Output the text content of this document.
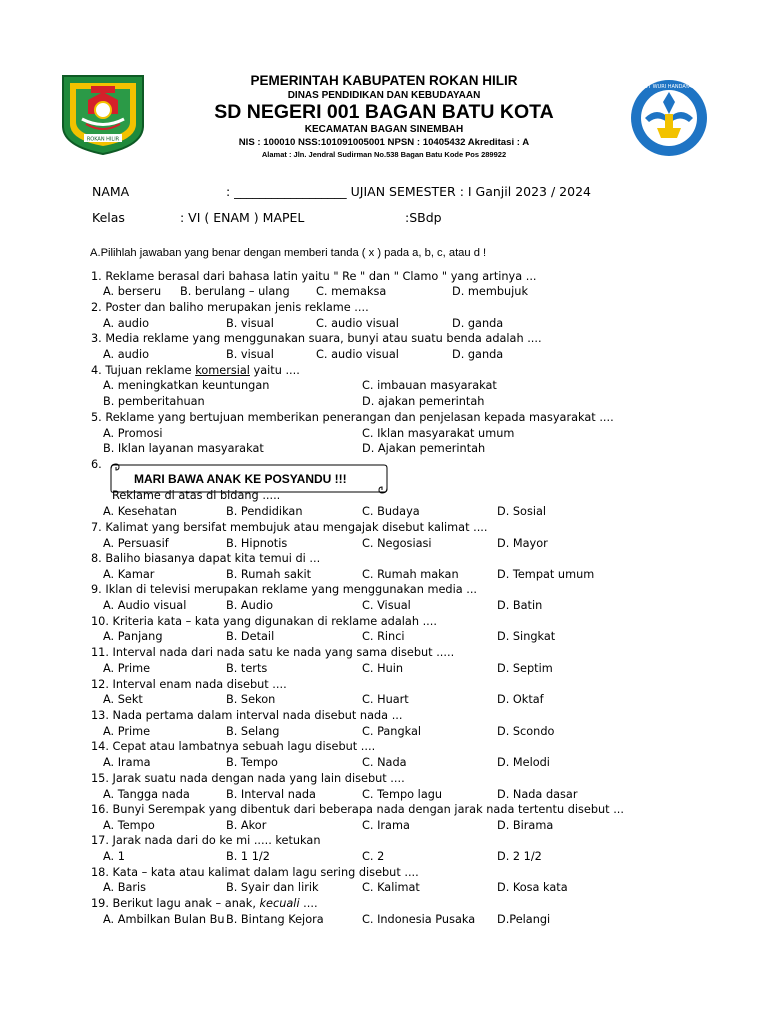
ROKAN HILIR
TUT WURI HANDAYANI
PEMERINTAH KABUPATEN ROKAN HILIR
DINAS PENDIDIKAN DAN KEBUDAYAAN
SD NEGERI 001 BAGAN BATU KOTA
KECAMATAN BAGAN SINEMBAH
NIS : 100010 NSS:101091005001 NPSN : 10405432 Akreditasi : A
Alamat : Jln. Jendral Sudirman No.538 Bagan Batu Kode Pos 289922
NAMA	: __________________ UJIAN SEMESTER : I Ganjil 2023 / 2024
Kelas	: VI ( ENAM ) MAPEL	:SBdp
A.Pilihlah jawaban yang benar dengan memberi tanda ( x ) pada a, b, c, atau d !
1. Reklame berasal dari bahasa latin yaitu " Re " dan " Clamo " yang artinya ...
A. berseru B. berulang – ulang C. memaksa	D. membujuk
2. Poster dan baliho merupakan jenis reklame ....
A. audio	B. visual	C. audio visual	D. ganda
3. Media reklame yang menggunakan suara, bunyi atau suatu benda adalah ....
A. audio	B. visual	C. audio visual	D. ganda
4. Tujuan reklame komersial yaitu ....
A. meningkatkan keuntungan	C. imbauan masyarakat
B. pemberitahuan	D. ajakan pemerintah
5. Reklame yang bertujuan memberikan penerangan dan penjelasan kepada masyarakat ....
A. Promosi	C. Iklan masyarakat umum
B. Iklan layanan masyarakat	D. Ajakan pemerintah
6.
MARI BAWA ANAK KE POSYANDU !!!
Reklame di atas di bidang .....
A. Kesehatan	B. Pendidikan	C. Budaya	D. Sosial
7. Kalimat yang bersifat membujuk atau mengajak disebut kalimat ....
A. Persuasif	B. Hipnotis	C. Negosiasi	D. Mayor
8. Baliho biasanya dapat kita temui di ...
A. Kamar	B. Rumah sakit	C. Rumah makan	D. Tempat umum
9. Iklan di televisi merupakan reklame yang menggunakan media ...
A. Audio visual	B. Audio	C. Visual	D. Batin
10. Kriteria kata – kata yang digunakan di reklame adalah ....
A. Panjang	B. Detail	C. Rinci	D. Singkat
11. Interval nada dari nada satu ke nada yang sama disebut .....
A. Prime	B. terts	C. Huin	D. Septim
12. Interval enam nada disebut ....
A. Sekt	B. Sekon	C. Huart	D. Oktaf
13. Nada pertama dalam interval nada disebut nada ...
A. Prime	B. Selang	C. Pangkal	D. Scondo
14. Cepat atau lambatnya sebuah lagu disebut ....
A. Irama	B. Tempo	C. Nada	D. Melodi
15. Jarak suatu nada dengan nada yang lain disebut ....
A. Tangga nada	B. Interval nada	C. Tempo lagu	D. Nada dasar
16. Bunyi Serempak yang dibentuk dari beberapa nada dengan jarak nada tertentu disebut ...
A. Tempo	B. Akor	C. Irama	D. Birama
17. Jarak nada dari do ke mi ..... ketukan
A. 1	B. 1 1/2	C. 2	D. 2 1/2
18. Kata – kata atau kalimat dalam lagu sering disebut ....
A. Baris	B. Syair dan lirik	C. Kalimat	D. Kosa kata
19. Berikut lagu anak – anak, kecuali ....
A. Ambilkan Bulan Bu B. Bintang Kejora	C. Indonesia Pusaka D.Pelangi
